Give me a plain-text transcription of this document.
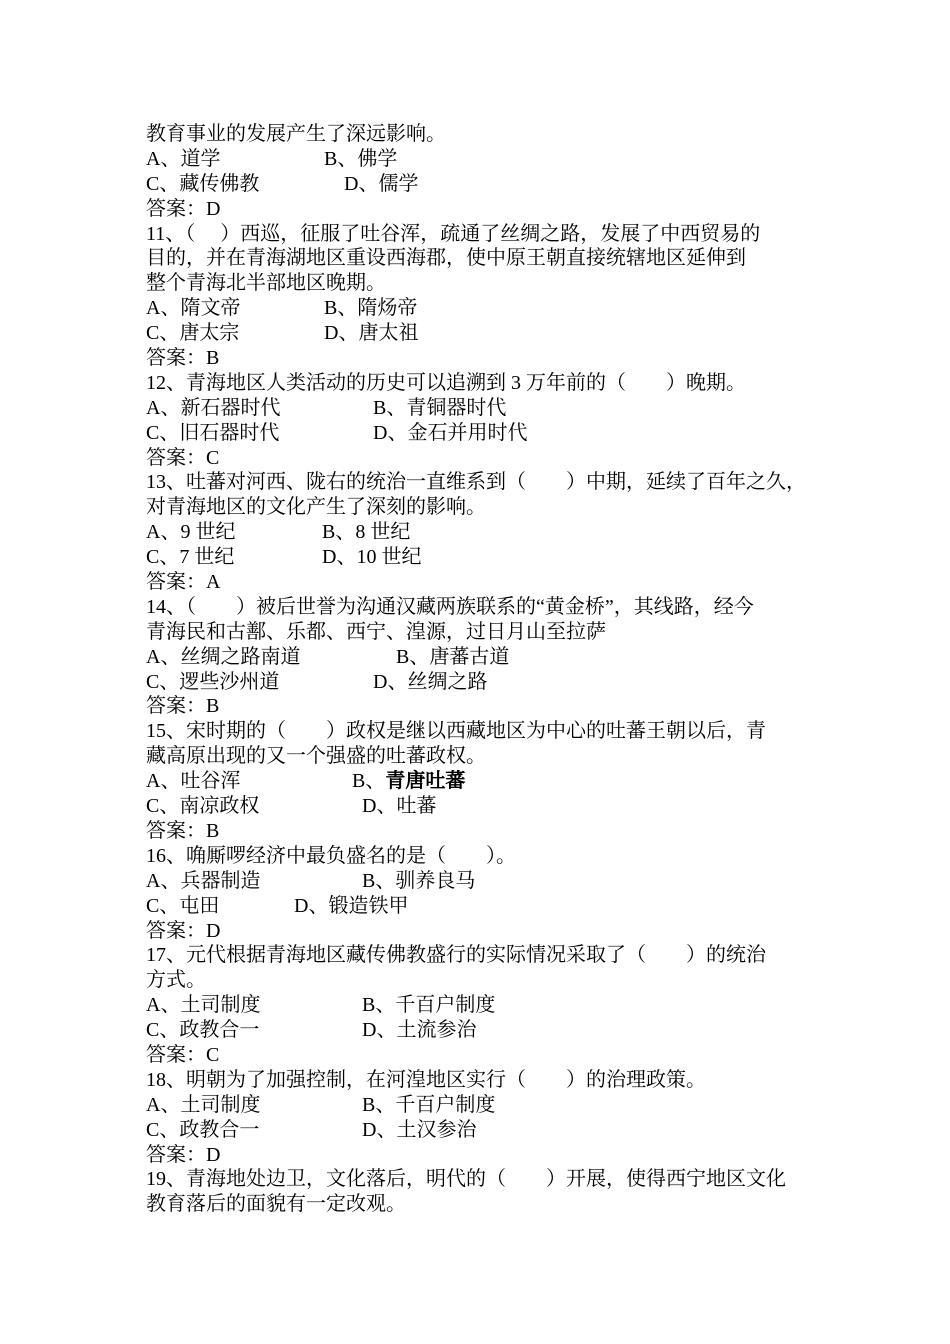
教育事业的发展产生了深远影响。
A、道学	B、佛学
C、藏传佛教	D、儒学
答案：D
11、（　 ）西巡，征服了吐谷浑，疏通了丝绸之路，发展了中西贸易的
目的，并在青海湖地区重设西海郡，使中原王朝直接统辖地区延伸到
整个青海北半部地区晚期。
A、隋文帝	B、隋炀帝
C、唐太宗	D、唐太祖
答案：B
12、青海地区人类活动的历史可以追溯到 3 万年前的（　　）晚期。
A、新石器时代	B、青铜器时代
C、旧石器时代	D、金石并用时代
答案：C
13、吐蕃对河西、陇右的统治一直维系到（　　）中期，延续了百年之久，
对青海地区的文化产生了深刻的影响。
A、9 世纪	B、8 世纪
C、7 世纪	D、10 世纪
答案：A
14、（　　）被后世誉为沟通汉藏两族联系的“黄金桥”，其线路，经今
青海民和古鄯、乐都、西宁、湟源，过日月山至拉萨
A、丝绸之路南道	B、唐蕃古道
C、逻些沙州道	D、丝绸之路
答案：B
15、宋时期的（　　）政权是继以西藏地区为中心的吐蕃王朝以后，青
藏高原出现的又一个强盛的吐蕃政权。
A、吐谷浑	B、青唐吐蕃
C、南凉政权	D、吐蕃
答案：B
16、唃厮啰经济中最负盛名的是（　　）。
A、兵器制造	B、驯养良马
C、屯田	D、锻造铁甲
答案：D
17、元代根据青海地区藏传佛教盛行的实际情况采取了（　　）的统治
方式。
A、土司制度	B、千百户制度
C、政教合一	D、土流参治
答案：C
18、明朝为了加强控制，在河湟地区实行（　　）的治理政策。
A、土司制度	B、千百户制度
C、政教合一	D、土汉参治
答案：D
19、青海地处边卫，文化落后，明代的（　　）开展，使得西宁地区文化
教育落后的面貌有一定改观。
